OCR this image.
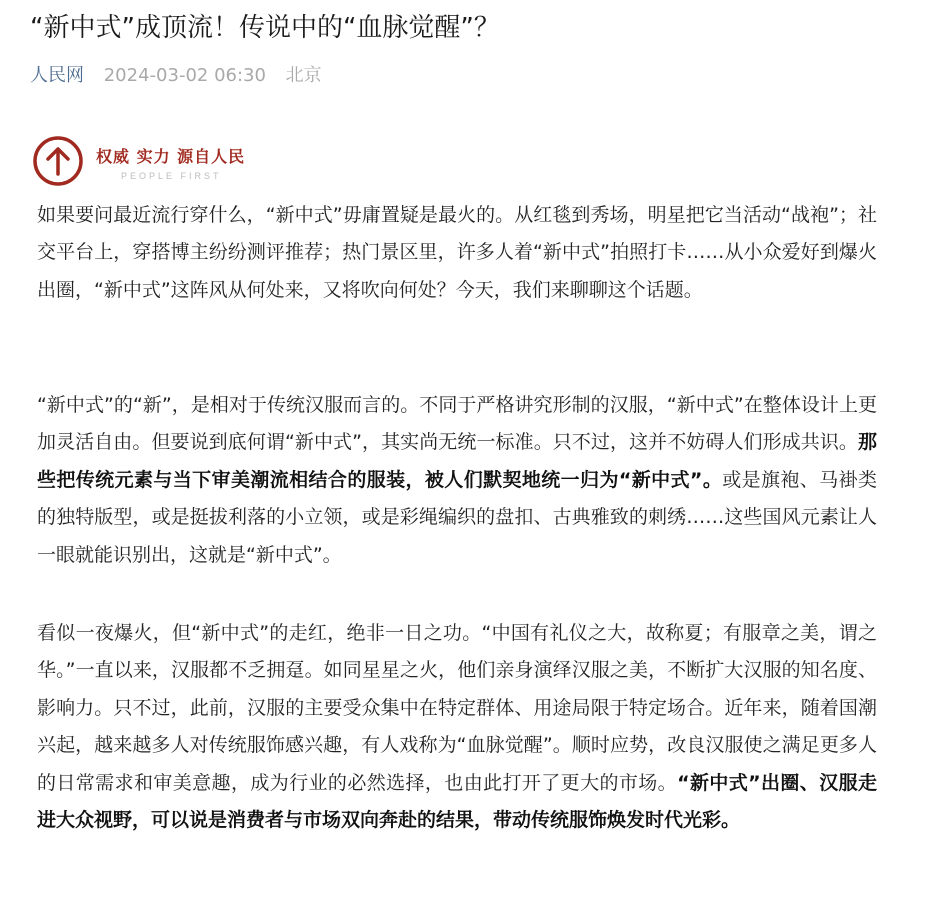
“新中式”成顶流！传说中的“血脉觉醒”？
人民网 2024-03-02 06:30 北京
权威 实力 源自人民
PEOPLE FIRST

如果要问最近流行穿什么，“新中式”毋庸置疑是最火的。从红毯到秀场，明星把它当活动“战袍”；社交平台上，穿搭博主纷纷测评推荐；热门景区里，许多人着“新中式”拍照打卡……从小众爱好到爆火出圈，“新中式”这阵风从何处来，又将吹向何处？今天，我们来聊聊这个话题。

“新中式”的“新”，是相对于传统汉服而言的。不同于严格讲究形制的汉服，“新中式”在整体设计上更加灵活自由。但要说到底何谓“新中式”，其实尚无统一标准。只不过，这并不妨碍人们形成共识。那些把传统元素与当下审美潮流相结合的服装，被人们默契地统一归为“新中式”。或是旗袍、马褂类的独特版型，或是挺拔利落的小立领，或是彩绳编织的盘扣、古典雅致的刺绣……这些国风元素让人一眼就能识别出，这就是“新中式”。

看似一夜爆火，但“新中式”的走红，绝非一日之功。“中国有礼仪之大，故称夏；有服章之美，谓之华。”一直以来，汉服都不乏拥趸。如同星星之火，他们亲身演绎汉服之美，不断扩大汉服的知名度、影响力。只不过，此前，汉服的主要受众集中在特定群体、用途局限于特定场合。近年来，随着国潮兴起，越来越多人对传统服饰感兴趣，有人戏称为“血脉觉醒”。顺时应势，改良汉服使之满足更多人的日常需求和审美意趣，成为行业的必然选择，也由此打开了更大的市场。“新中式”出圈、汉服走进大众视野，可以说是消费者与市场双向奔赴的结果，带动传统服饰焕发时代光彩。
